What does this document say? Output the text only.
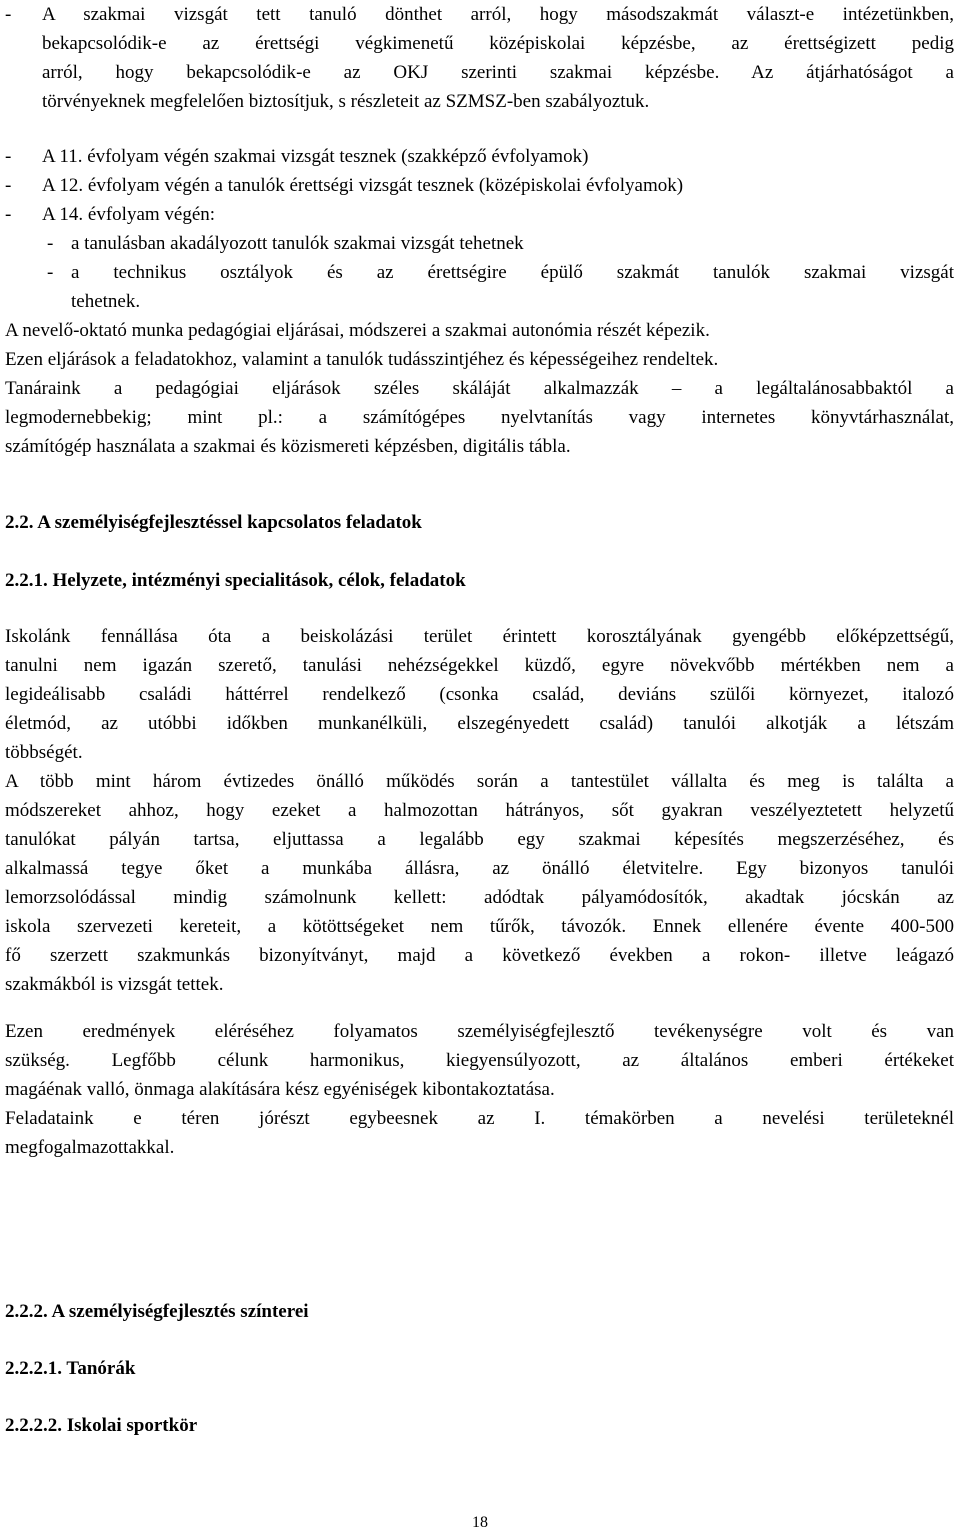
-	A szakmai vizsgát tett tanuló dönthet arról, hogy másodszakmát választ-e intézetünkben,

bekapcsolódik-e az érettségi végkimenetű középiskolai képzésbe, az érettségizett pedig

arról, hogy bekapcsolódik-e az OKJ szerinti szakmai képzésbe. Az átjárhatóságot a

törvényeknek megfelelően biztosítjuk, s részleteit az SZMSZ-ben szabályoztuk.

-	A 11. évfolyam végén szakmai vizsgát tesznek (szakképző évfolyamok)
-	A 12. évfolyam végén a tanulók érettségi vizsgát tesznek (középiskolai évfolyamok)
-	A 14. évfolyam végén:
- a tanulásban akadályozott tanulók szakmai vizsgát tehetnek
- a technikus osztályok és az érettségire épülő szakmát tanulók szakmai vizsgát

tehetnek.

A nevelő-oktató munka pedagógiai eljárásai, módszerei a szakmai autonómia részét képezik.

Ezen eljárások a feladatokhoz, valamint a tanulók tudásszintjéhez és képességeihez rendeltek.

Tanáraink a pedagógiai eljárások széles skáláját alkalmazzák – a legáltalánosabbaktól a

legmodernebbekig; mint pl.: a számítógépes nyelvtanítás vagy internetes könyvtárhasználat,

számítógép használata a szakmai és közismereti képzésben, digitális tábla.

2.2. A személyiségfejlesztéssel kapcsolatos feladatok

2.2.1. Helyzete, intézményi specialitások, célok, feladatok

Iskolánk fennállása óta a beiskolázási terület érintett korosztályának gyengébb előképzettségű,

tanulni nem igazán szerető, tanulási nehézségekkel küzdő, egyre növekvőbb mértékben nem a

legideálisabb családi háttérrel rendelkező (csonka család, deviáns szülői környezet, italozó

életmód, az utóbbi időkben munkanélküli, elszegényedett család) tanulói alkotják a létszám

többségét.

A több mint három évtizedes önálló működés során a tantestület vállalta és meg is találta a

módszereket ahhoz, hogy ezeket a halmozottan hátrányos, sőt gyakran veszélyeztetett helyzetű

tanulókat pályán tartsa, eljuttassa a legalább egy szakmai képesítés megszerzéséhez, és

alkalmassá tegye őket a munkába állásra, az önálló életvitelre. Egy bizonyos tanulói

lemorzsolódással mindig számolnunk kellett: adódtak pályamódosítók, akadtak jócskán az

iskola szervezeti kereteit, a kötöttségeket nem tűrők, távozók. Ennek ellenére évente 400-500

fő szerzett szakmunkás bizonyítványt, majd a következő években a rokon- illetve leágazó

szakmákból is vizsgát tettek.

Ezen eredmények eléréséhez folyamatos személyiségfejlesztő tevékenységre volt és van

szükség. Legfőbb célunk harmonikus, kiegyensúlyozott, az általános emberi értékeket

magáénak valló, önmaga alakítására kész egyéniségek kibontakoztatása.

Feladataink e téren jórészt egybeesnek az I. témakörben a nevelési területeknél

megfogalmazottakkal.

2.2.2. A személyiségfejlesztés színterei

2.2.2.1. Tanórák

2.2.2.2. Iskolai sportkör

18
